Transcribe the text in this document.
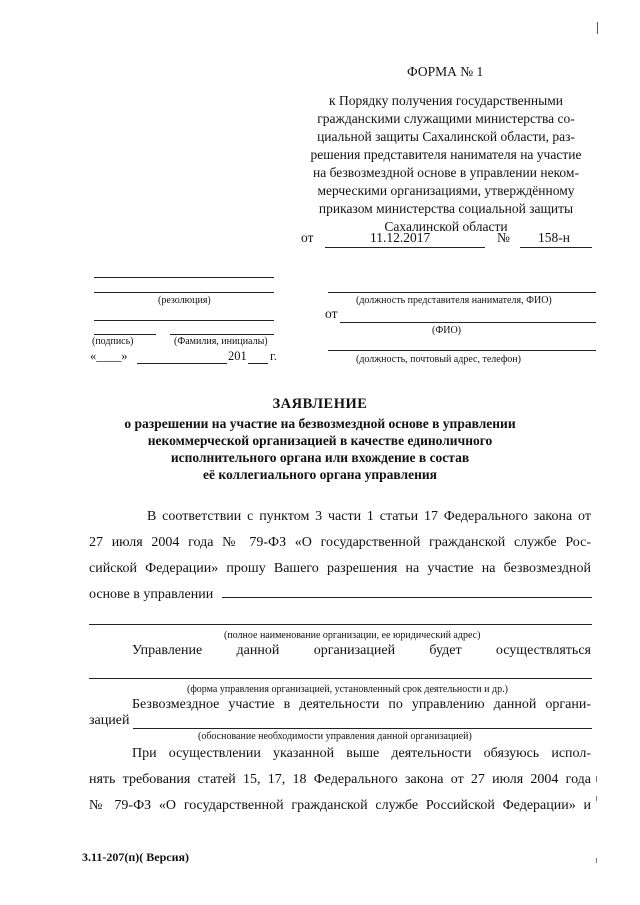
ФОРМА № 1
к Порядку получения государственными
гражданскими служащими министерства со-
циальной защиты Сахалинской области, раз-
решения представителя нанимателя на участие
на безвозмездной основе в управлении неком-
мерческими организациями, утверждённому
приказом министерства социальной защиты
Сахалинской области
от	11.12.2017	№ 158-н
(резолюция)
(подпись)	(Фамилия, инициалы)
«____»	201 г.
(должность представителя нанимателя, ФИО)
от
(ФИО)
(должность, почтовый адрес, телефон)
ЗАЯВЛЕНИЕ
о разрешении на участие на безвозмездной основе в управлении
некоммерческой организацией в качестве единоличного
исполнительного органа или вхождение в состав
её коллегиального органа управления
В соответствии с пунктом 3 части 1 статьи 17 Федерального закона от
27 июля 2004 года № 79-ФЗ «О государственной гражданской службе Рос-
сийской Федерации» прошу Вашего разрешения на участие на безвозмездной
основе в управлении
(полное наименование организации, ее юридический адрес)
Управление данной организацией будет осуществляться
(форма управления организацией, установленный срок деятельности и др.)
Безвозмездное участие в деятельности по управлению данной органи-
зацией
(обоснование необходимости управления данной организацией)
При осуществлении указанной выше деятельности обязуюсь испол-
нять требования статей 15, 17, 18 Федерального закона от 27 июля 2004 года
№ 79-ФЗ «О государственной гражданской службе Российской Федерации» и
3.11-207(п)( Версия)
